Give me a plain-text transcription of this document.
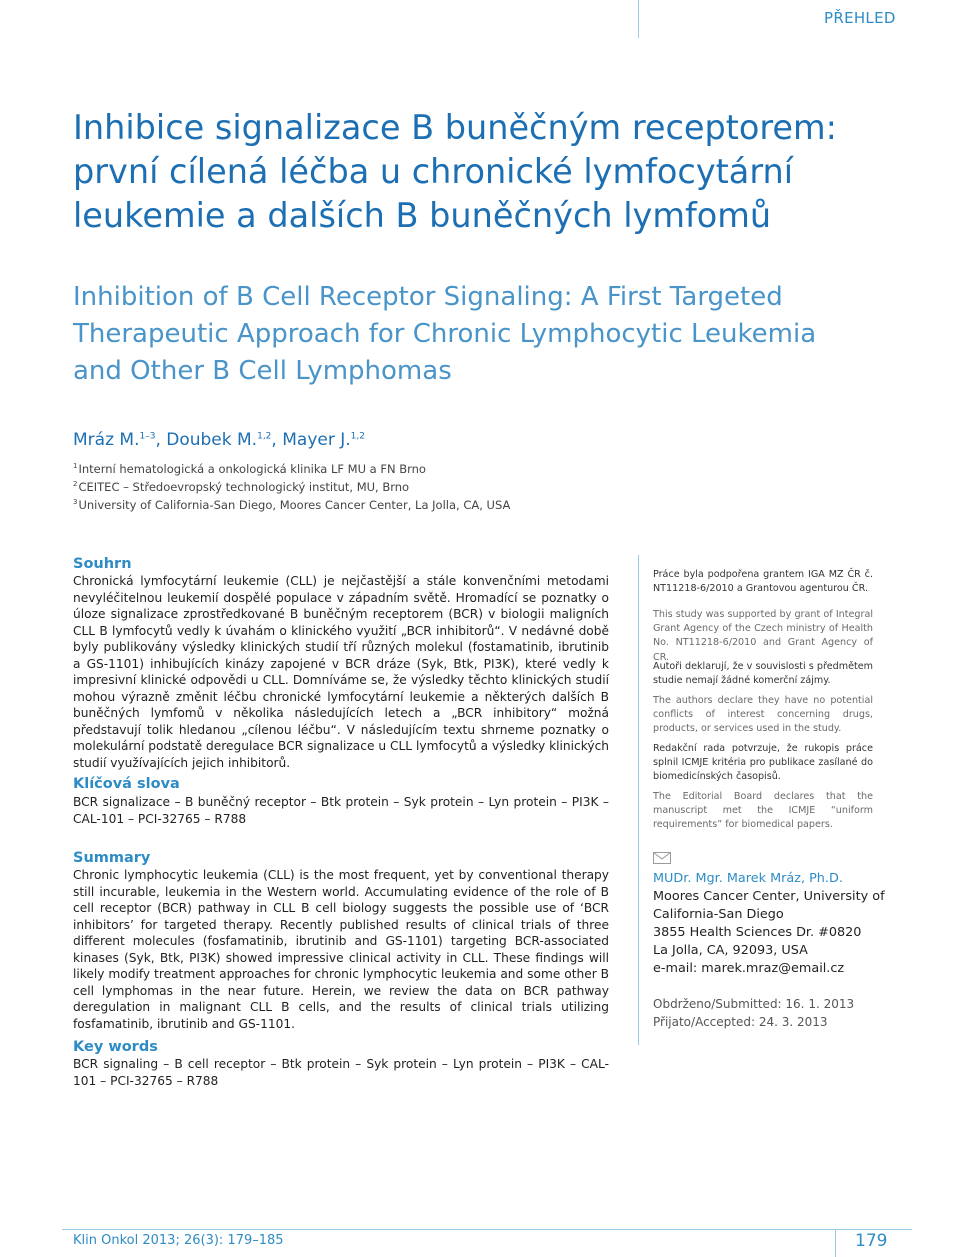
PŘEHLED
Inhibice signalizace B buněčným receptorem:
první cílená léčba u chronické lymfocytární
leukemie a dalších B buněčných lymfomů
Inhibition of B Cell Receptor Signaling: A First Targeted
Therapeutic Approach for Chronic Lymphocytic Leukemia
and Other B Cell Lymphomas
Mráz M.$^{1-3}$, Doubek M.$^{1,2}$, Mayer J.$^{1,2}$
$^1$Interní hematologická a onkologická klinika LF MU a FN Brno
$^2$CEITEC – Středoevropský technologický institut, MU, Brno
$^3$University of California-San Diego, Moores Cancer Center, La Jolla, CA, USA
Souhrn
Chronická lymfocytární leukemie (CLL) je nejčastější a stále konvenčními metodami nevyléčitelnou leukemií dospělé populace v západním světě. Hromadící se poznatky o úloze signalizace zprostředkované B buněčným receptorem (BCR) v biologii maligních CLL B lymfocytů vedly k úvahám o klinického využití „BCR inhibitorů“. V nedávné době byly publikovány výsledky klinických studií tří různých molekul (fostamatinib, ibrutinib a GS-1101) inhibujících kinázy zapojené v BCR dráze (Syk, Btk, PI3K), které vedly k impresivní klinické odpovědi u CLL. Domníváme se, že výsledky těchto klinických studií mohou výrazně změnit léčbu chronické lymfocytární leukemie a některých dalších B buněčných lymfomů v několika následujících letech a „BCR inhibitory“ možná představují tolik hledanou „cílenou léčbu“. V následujícím textu shrneme poznatky o molekulární podstatě deregulace BCR signalizace u CLL lymfocytů a výsledky klinických studií využívajících jejich inhibitorů.
Klíčová slova
BCR signalizace – B buněčný receptor – Btk protein – Syk protein – Lyn protein – PI3K – CAL-101 – PCI-32765 – R788
Summary
Chronic lymphocytic leukemia (CLL) is the most frequent, yet by conventional therapy still incurable, leukemia in the Western world. Accumulating evidence of the role of B cell receptor (BCR) pathway in CLL B cell biology suggests the possible use of ‘BCR inhibitors’ for targeted therapy. Recently published results of clinical trials of three different molecules (fosfamatinib, ibrutinib and GS-1101) targeting BCR-associated kinases (Syk, Btk, PI3K) showed impressive clinical activity in CLL. These findings will likely modify treatment approaches for chronic lymphocytic leukemia and some other B cell lymphomas in the near future. Herein, we review the data on BCR pathway deregulation in malignant CLL B cells, and the results of clinical trials utilizing fosfamatinib, ibrutinib and GS-1101.
Key words
BCR signaling – B cell receptor – Btk protein – Syk protein – Lyn protein – PI3K – CAL-101 – PCI-32765 – R788
Práce byla podpořena grantem IGA MZ ČR č. NT11218-6/2010 a Grantovou agenturou ČR.
This study was supported by grant of Integral Grant Agency of the Czech ministry of Health No. NT11218-6/2010 and Grant Agency of CR.
Autoři deklarují, že v souvislosti s předmětem studie nemají žádné komerční zájmy.
The authors declare they have no potential conflicts of interest concerning drugs, products, or services used in the study.
Redakční rada potvrzuje, že rukopis práce splnil ICMJE kritéria pro publikace zasílané do biomedicínských časopisů.
The Editorial Board declares that the manuscript met the ICMJE “uniform requirements” for biomedical papers.
MUDr. Mgr. Marek Mráz, Ph.D.
Moores Cancer Center, University of
California-San Diego
3855 Health Sciences Dr. #0820
La Jolla, CA, 92093, USA
e-mail: marek.mraz@email.cz
Obdrženo/Submitted: 16. 1. 2013
Přijato/Accepted: 24. 3. 2013
Klin Onkol 2013; 26(3): 179–185	179
